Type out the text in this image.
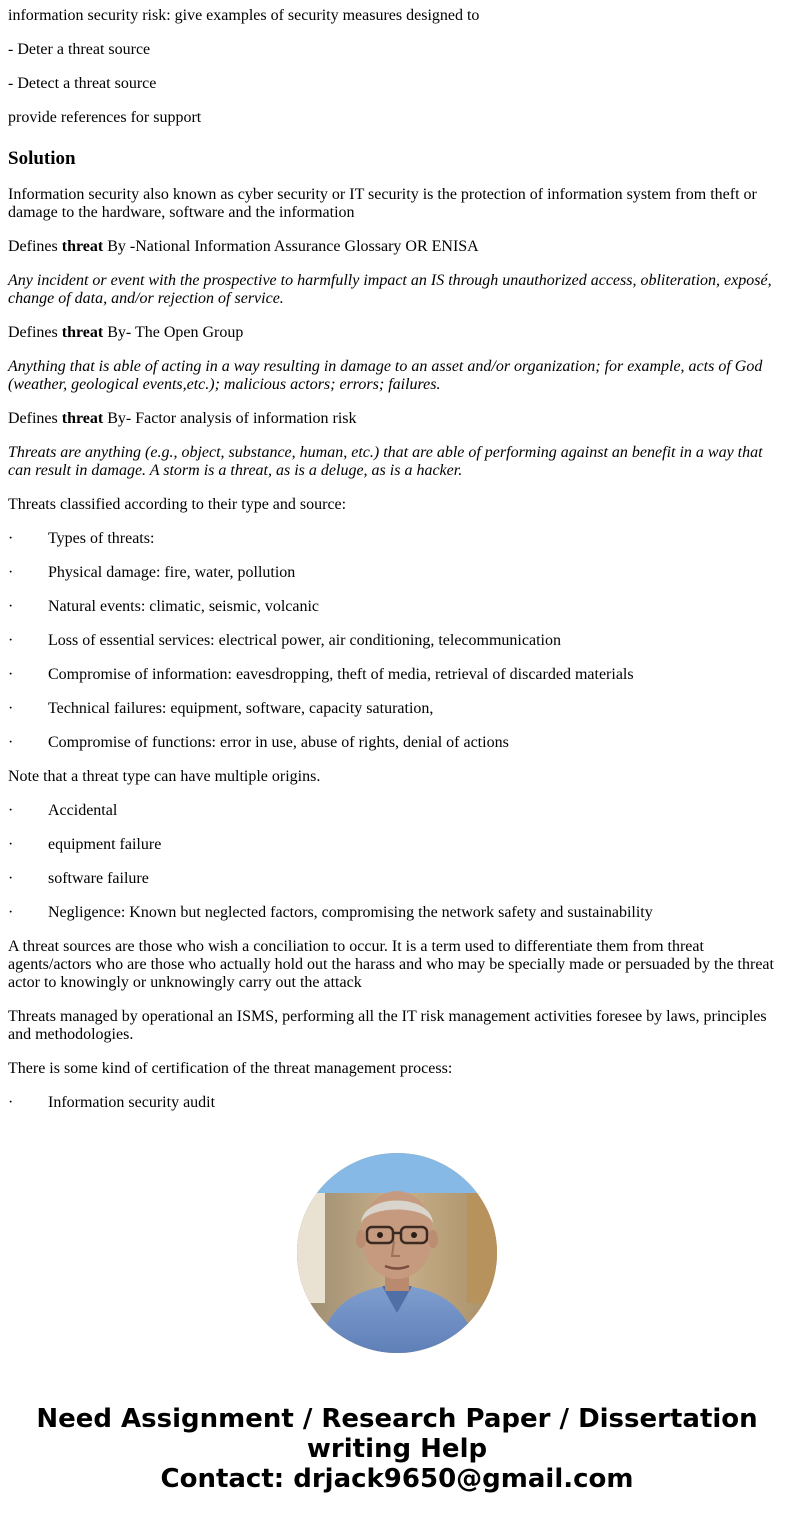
information security risk: give examples of security measures designed to

- Deter a threat source

- Detect a threat source

provide references for support

Solution

Information security also known as cyber security or IT security is the protection of information system from theft or damage to the hardware, software and the information

Defines threat By -National Information Assurance Glossary OR ENISA

Any incident or event with the prospective to harmfully impact an IS through unauthorized access, obliteration, exposé, change of data, and/or rejection of service.

Defines threat By- The Open Group

Anything that is able of acting in a way resulting in damage to an asset and/or organization; for example, acts of God (weather, geological events,etc.); malicious actors; errors; failures.

Defines threat By- Factor analysis of information risk

Threats are anything (e.g., object, substance, human, etc.) that are able of performing against an benefit in a way that can result in damage. A storm is a threat, as is a deluge, as is a hacker.

Threats classified according to their type and source:

·	Types of threats:
·	Physical damage: fire, water, pollution
·	Natural events: climatic, seismic, volcanic
·	Loss of essential services: electrical power, air conditioning, telecommunication
·	Compromise of information: eavesdropping, theft of media, retrieval of discarded materials
·	Technical failures: equipment, software, capacity saturation,
·	Compromise of functions: error in use, abuse of rights, denial of actions

Note that a threat type can have multiple origins.

·	Accidental
·	equipment failure
·	software failure
·	Negligence: Known but neglected factors, compromising the network safety and sustainability

A threat sources are those who wish a conciliation to occur. It is a term used to differentiate them from threat agents/actors who are those who actually hold out the harass and who may be specially made or persuaded by the threat actor to knowingly or unknowingly carry out the attack

Threats managed by operational an ISMS, performing all the IT risk management activities foresee by laws, principles and methodologies.

There is some kind of certification of the threat management process:

·	Information security audit
Need Assignment / Research Paper / Dissertation
writing Help
Contact: drjack9650@gmail.com
